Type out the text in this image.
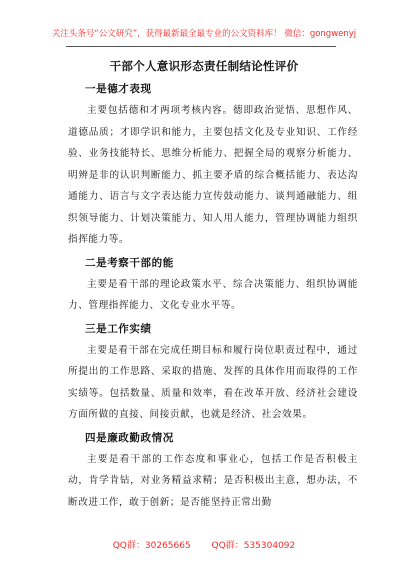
关注头条号“公文研究”，获得最新最全最专业的公文资料库！ 微信：gongwenyj
干部个人意识形态责任制结论性评价
一是德才表现

主要包括德和才两项考核内容。德即政治觉悟、思想作风、道德品质；才即学识和能力，主要包括文化及专业知识、工作经验、业务技能特长、思维分析能力、把握全局的观察分析能力、明辨是非的认识判断能力、抓主要矛盾的综合概括能力、表达沟通能力、语言与文字表达能力宣传鼓动能力、谈判通融能力、组织领导能力、计划决策能力、知人用人能力，管理协调能力组织指挥能力等。

二是考察干部的能

主要是看干部的理论政策水平、综合决策能力、组织协调能力、管理指挥能力、文化专业水平等。

三是工作实绩

主要是看干部在完成任期目标和履行岗位职责过程中，通过所提出的工作思路、采取的措施、发挥的具体作用而取得的工作实绩等。包括数量、质量和效率，看在改革开放、经济社会建设方面所做的直接、间接贡献，也就是经济、社会效果。

四是廉政勤政情况

主要是看干部的工作态度和事业心，包括工作是否积极主动，肯学肯钻，对业务精益求精；是否积极出主意，想办法，不断改进工作，敢于创新；是否能坚持正常出勤

QQ群：30265665 QQ群：535304092
